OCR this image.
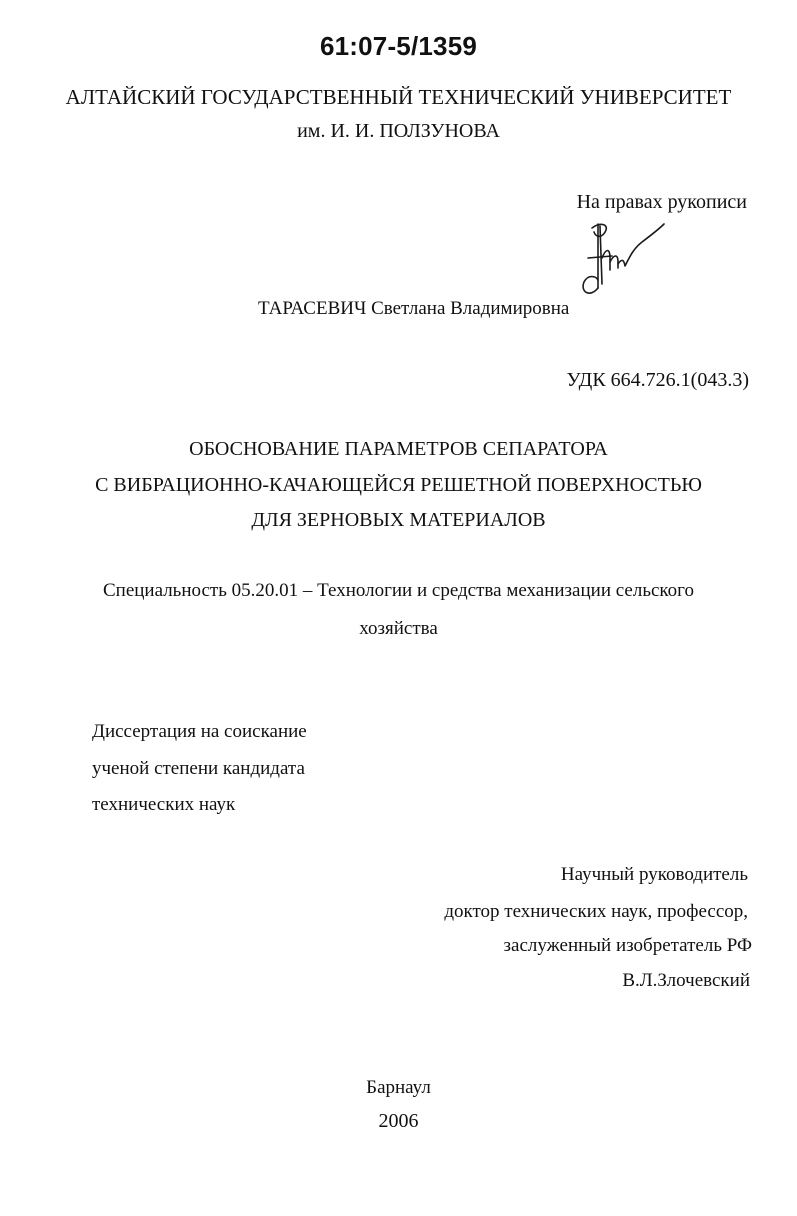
61:07-5/1359
АЛТАЙСКИЙ ГОСУДАРСТВЕННЫЙ ТЕХНИЧЕСКИЙ УНИВЕРСИТЕТ
им. И. И. ПОЛЗУНОВА
На правах рукописи
ТАРАСЕВИЧ Светлана Владимировна
УДК 664.726.1(043.3)
ОБОСНОВАНИЕ ПАРАМЕТРОВ СЕПАРАТОРА
С ВИБРАЦИОННО-КАЧАЮЩЕЙСЯ РЕШЕТНОЙ ПОВЕРХНОСТЬЮ
ДЛЯ ЗЕРНОВЫХ МАТЕРИАЛОВ
Специальность 05.20.01 – Технологии и средства механизации сельского
хозяйства
Диссертация на соискание
ученой степени кандидата
технических наук
Научный руководитель
доктор технических наук, профессор,
заслуженный изобретатель РФ
В.Л.Злочевский
Барнаул
2006
